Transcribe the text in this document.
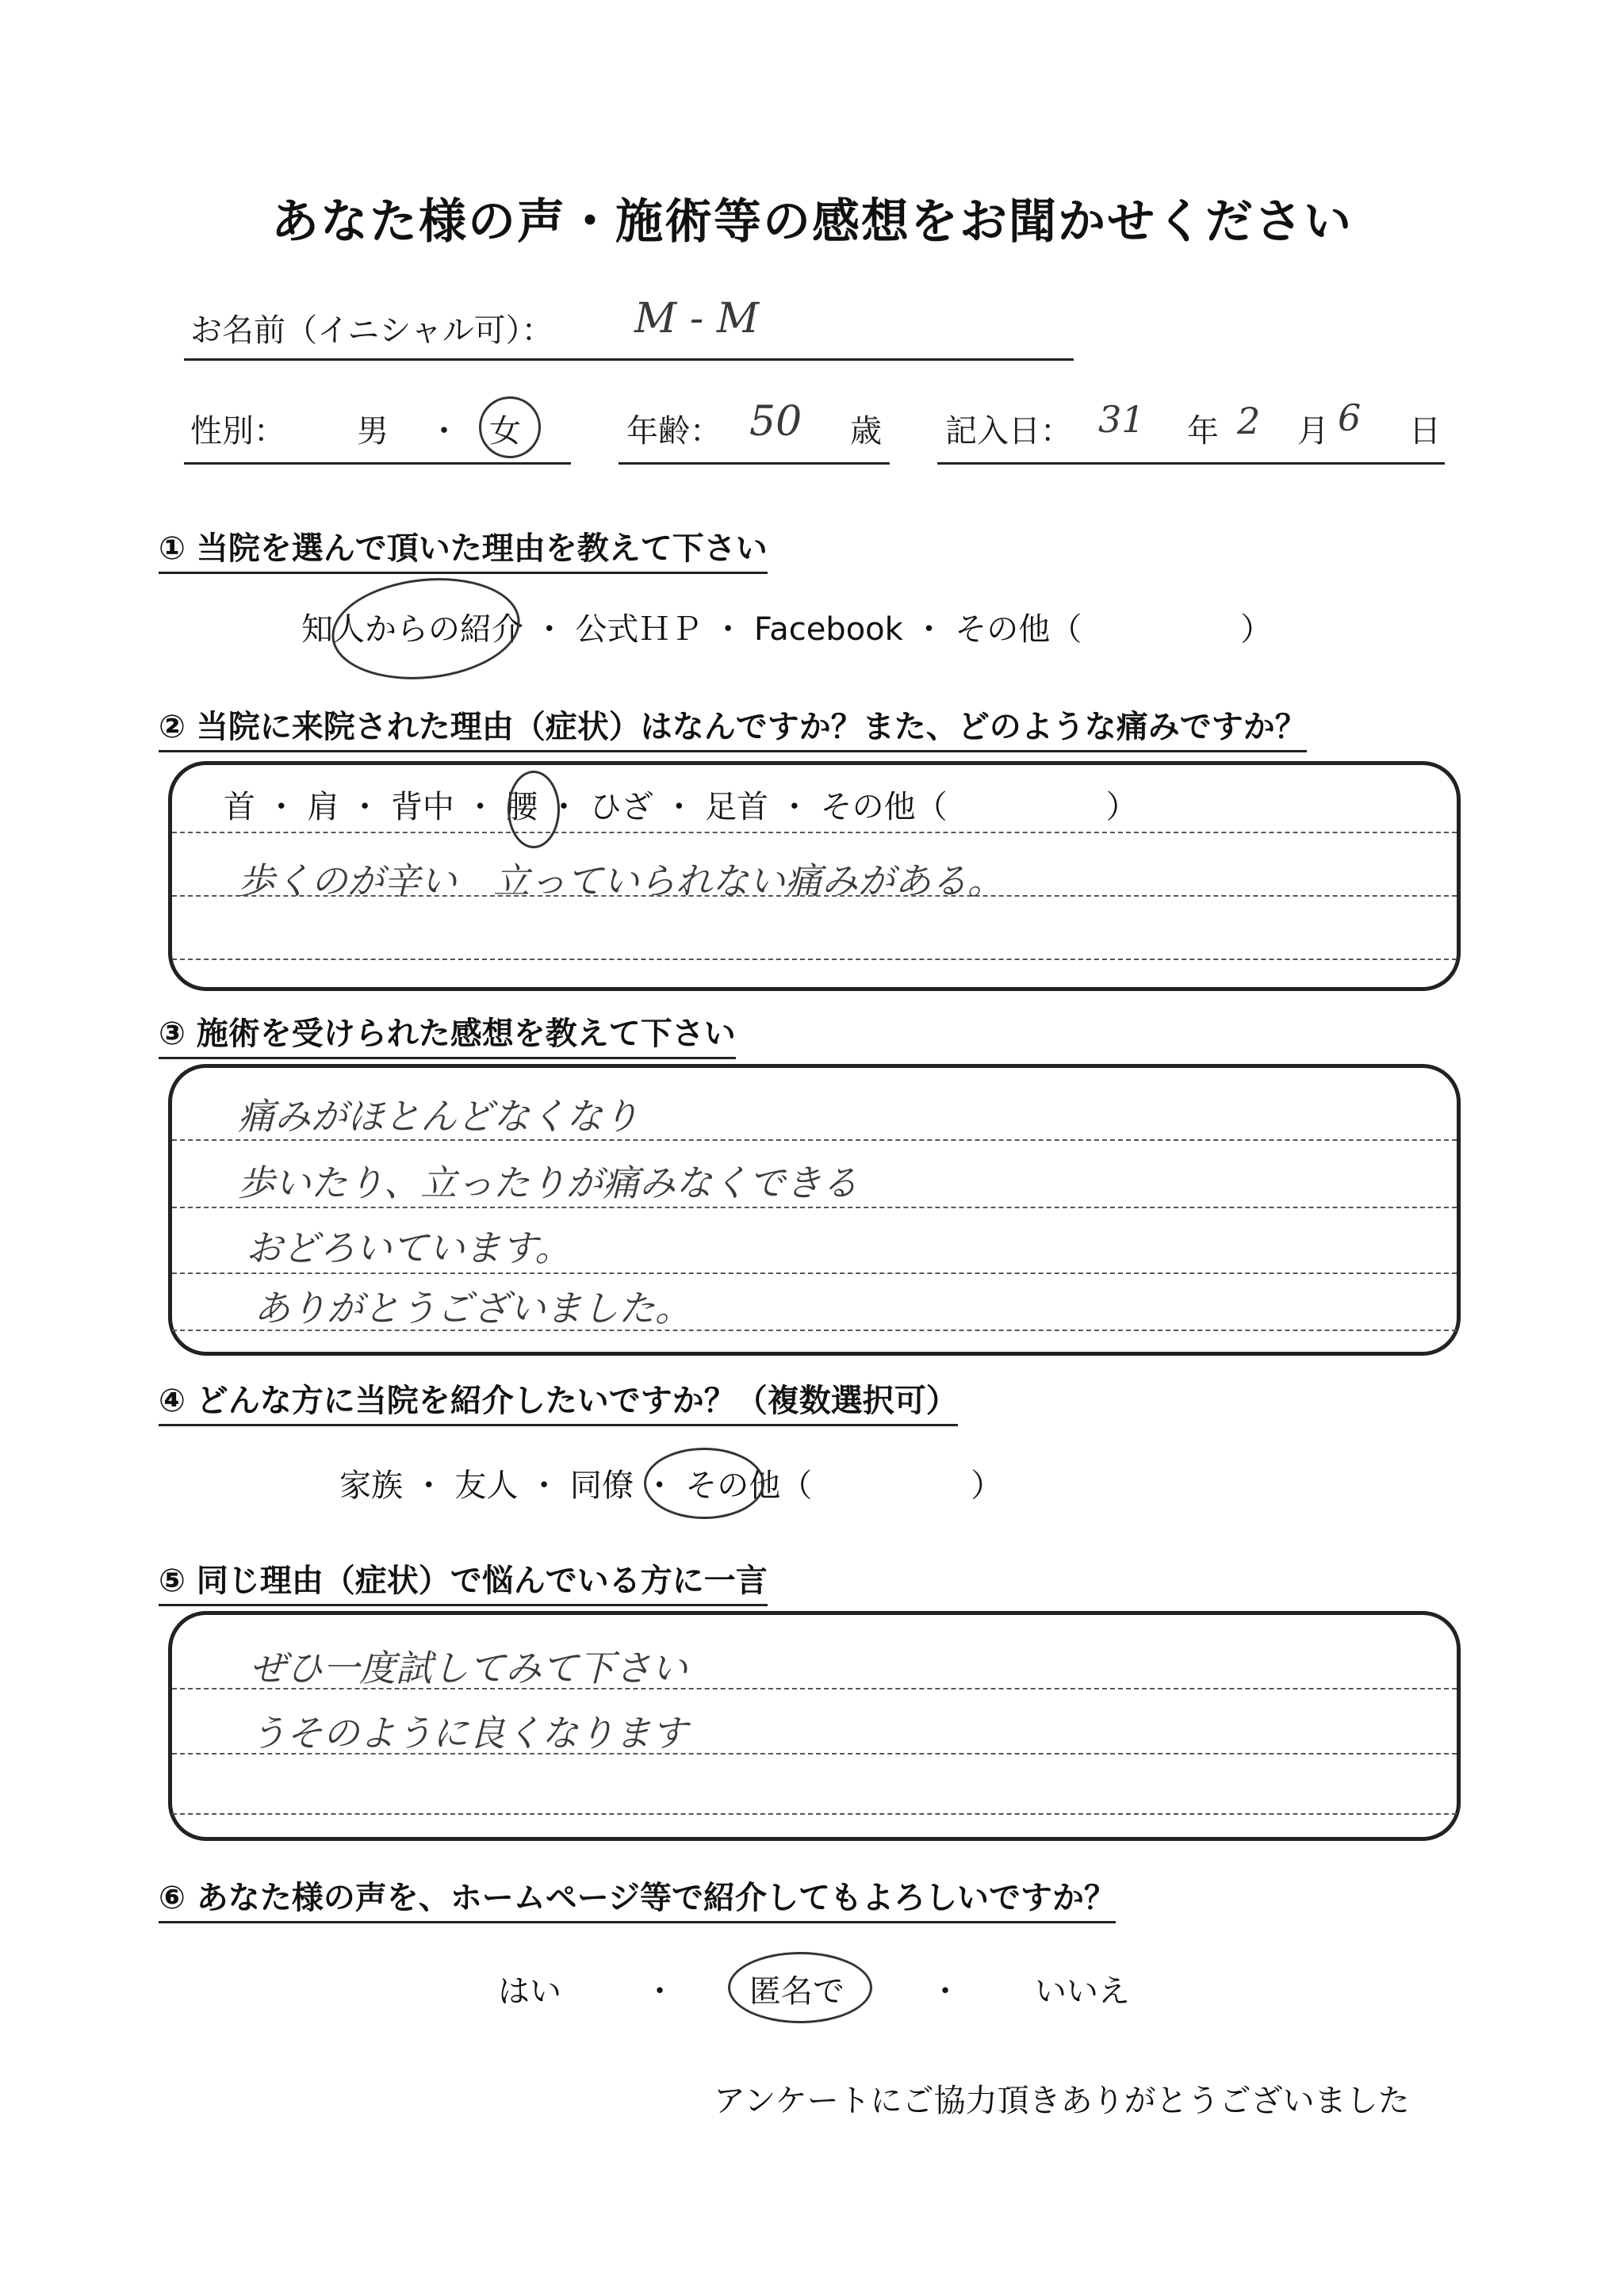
あなた様の声・施術等の感想をお聞かせください
お名前（イニシャル可）： M - M
性別： 男 ・ 女	年齢： 50 歳 記入日： 31 年 2 月 6 日
① 当院を選んで頂いた理由を教えて下さい
知人からの紹介 ・ 公式ＨＰ ・ Facebook ・ その他（　　　　　）
② 当院に来院された理由（症状）はなんですか？また、どのような痛みですか？
首 ・ 肩 ・ 背中 ・ 腰 ・ ひざ ・ 足首 ・ その他（　　　　　）
歩くのが辛い　立っていられない痛みがある。
③ 施術を受けられた感想を教えて下さい
痛みがほとんどなくなり
歩いたり、立ったりが痛みなくできる
おどろいています。
ありがとうございました。
④ どんな方に当院を紹介したいですか？（複数選択可）
家族 ・ 友人 ・ 同僚 ・ その他（　　　　　）
⑤ 同じ理由（症状）で悩んでいる方に一言
ぜひ一度試してみて下さい
うそのように良くなります
⑥ あなた様の声を、ホームページ等で紹介してもよろしいですか？
はい	・ 匿名で	・ いいえ
アンケートにご協力頂きありがとうございました
